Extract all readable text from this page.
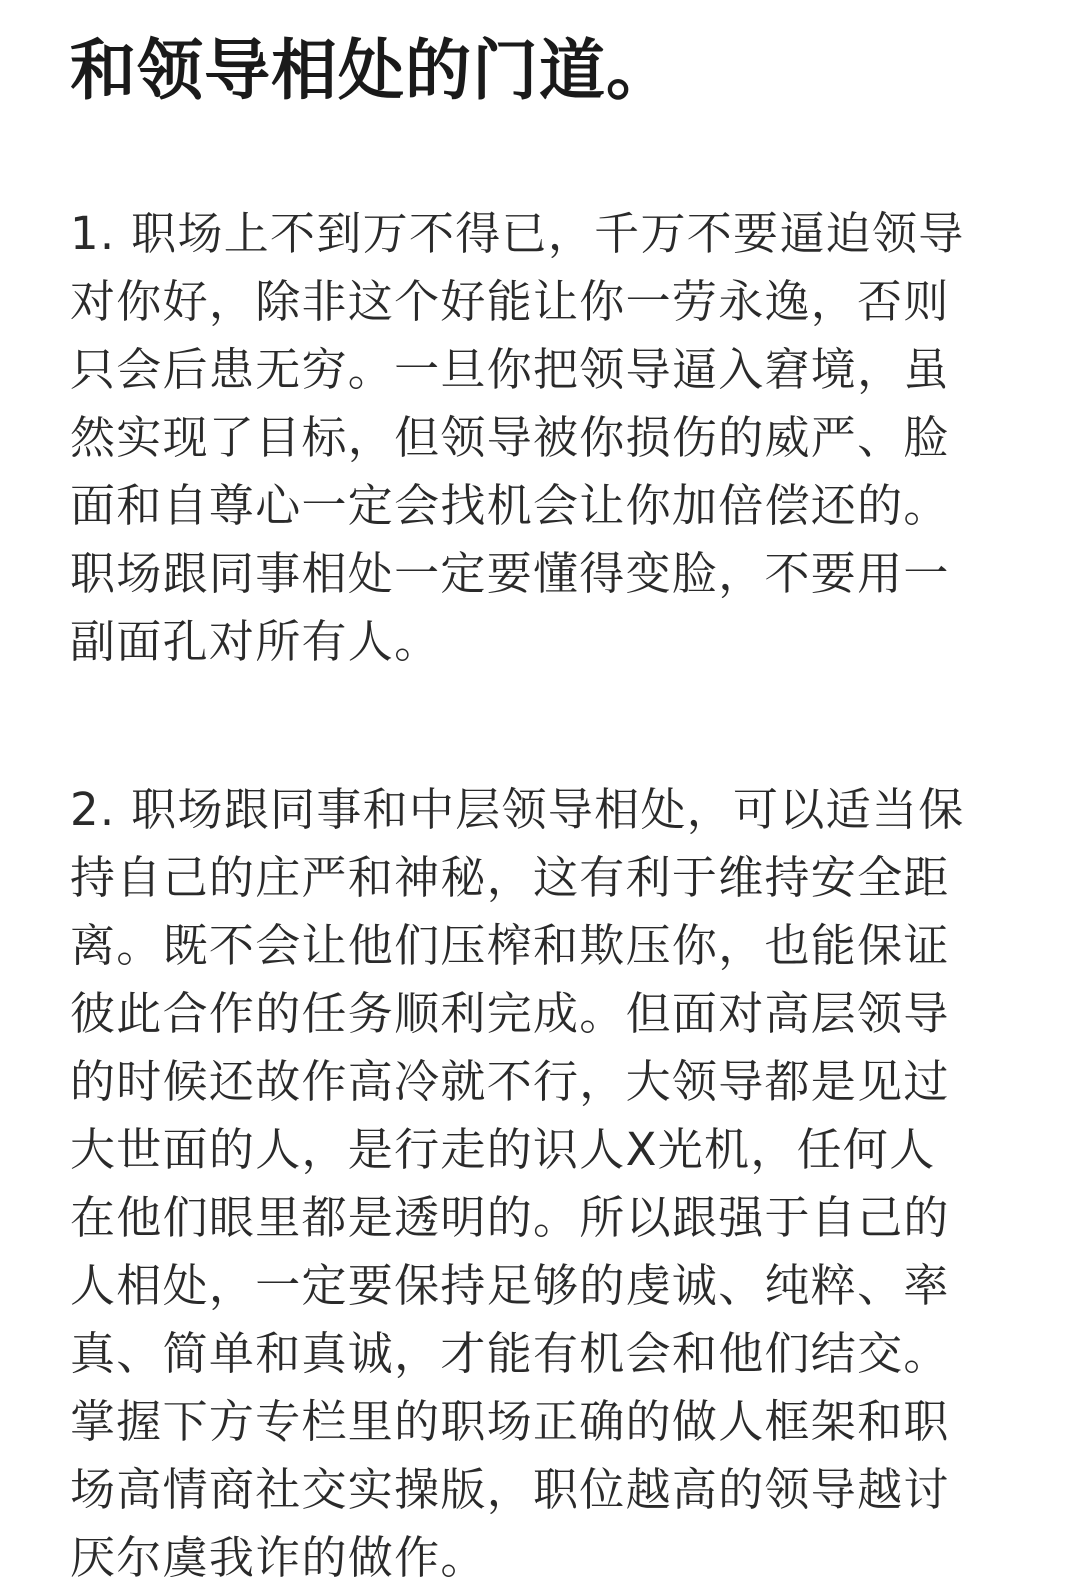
和领导相处的门道。
1. 职场上不到万不得已，千万不要逼迫领导
对你好，除非这个好能让你一劳永逸，否则
只会后患无穷。一旦你把领导逼入窘境，虽
然实现了目标，但领导被你损伤的威严、脸
面和自尊心一定会找机会让你加倍偿还的。
职场跟同事相处一定要懂得变脸，不要用一
副面孔对所有人。
2. 职场跟同事和中层领导相处，可以适当保
持自己的庄严和神秘，这有利于维持安全距
离。既不会让他们压榨和欺压你，也能保证
彼此合作的任务顺利完成。但面对高层领导
的时候还故作高冷就不行，大领导都是见过
大世面的人，是行走的识人X光机，任何人
在他们眼里都是透明的。所以跟强于自己的
人相处，一定要保持足够的虔诚、纯粹、率
真、简单和真诚，才能有机会和他们结交。
掌握下方专栏里的职场正确的做人框架和职
场高情商社交实操版，职位越高的领导越讨
厌尔虞我诈的做作。
